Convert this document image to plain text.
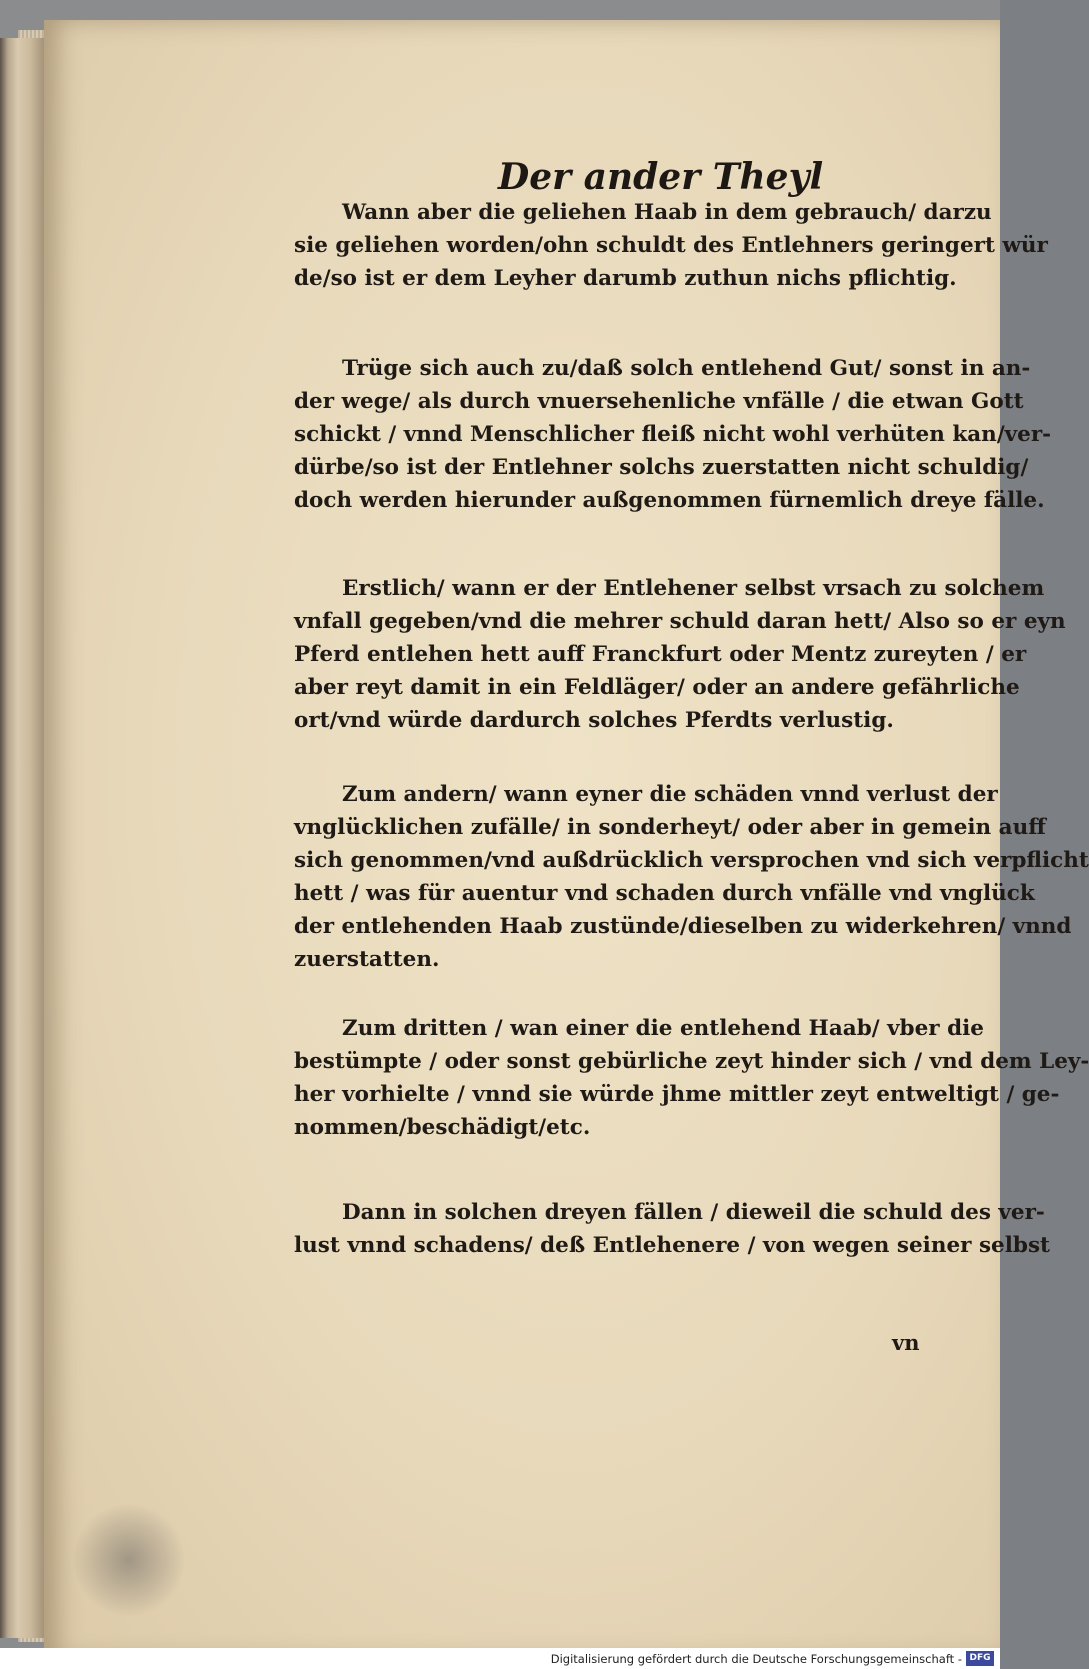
Der ander Theyl
Wann aber die geliehen Haab in dem gebrauch/ darzu
sie geliehen worden/ohn schuldt des Entlehners geringert wür
de/so ist er dem Leyher darumb zuthun nichs pflichtig.
Trüge sich auch zu/daß solch entlehend Gut/ sonst in an-
der wege/ als durch vnuersehenliche vnfälle / die etwan Gott
schickt / vnnd Menschlicher fleiß nicht wohl verhüten kan/ver-
dürbe/so ist der Entlehner solchs zuerstatten nicht schuldig/
doch werden hierunder außgenommen fürnemlich dreye fälle.
Erstlich/ wann er der Entlehener selbst vrsach zu solchem
vnfall gegeben/vnd die mehrer schuld daran hett/ Also so er eyn
Pferd entlehen hett auff Franckfurt oder Mentz zureyten / er
aber reyt damit in ein Feldläger/ oder an andere gefährliche
ort/vnd würde dardurch solches Pferdts verlustig.
Zum andern/ wann eyner die schäden vnnd verlust der
vnglücklichen zufälle/ in sonderheyt/ oder aber in gemein auff
sich genommen/vnd außdrücklich versprochen vnd sich verpflicht
hett / was für auentur vnd schaden durch vnfälle vnd vnglück
der entlehenden Haab zustünde/dieselben zu widerkehren/ vnnd
zuerstatten.
Zum dritten / wan einer die entlehend Haab/ vber die
bestümpte / oder sonst gebürliche zeyt hinder sich / vnd dem Ley-
her vorhielte / vnnd sie würde jhme mittler zeyt entweltigt / ge-
nommen/beschädigt/etc.
Dann in solchen dreyen fällen / dieweil die schuld des ver-
lust vnnd schadens/ deß Entlehenere / von wegen seiner selbst
vn
Digitalisierung gefördert durch die Deutsche Forschungsgemeinschaft - DFG
